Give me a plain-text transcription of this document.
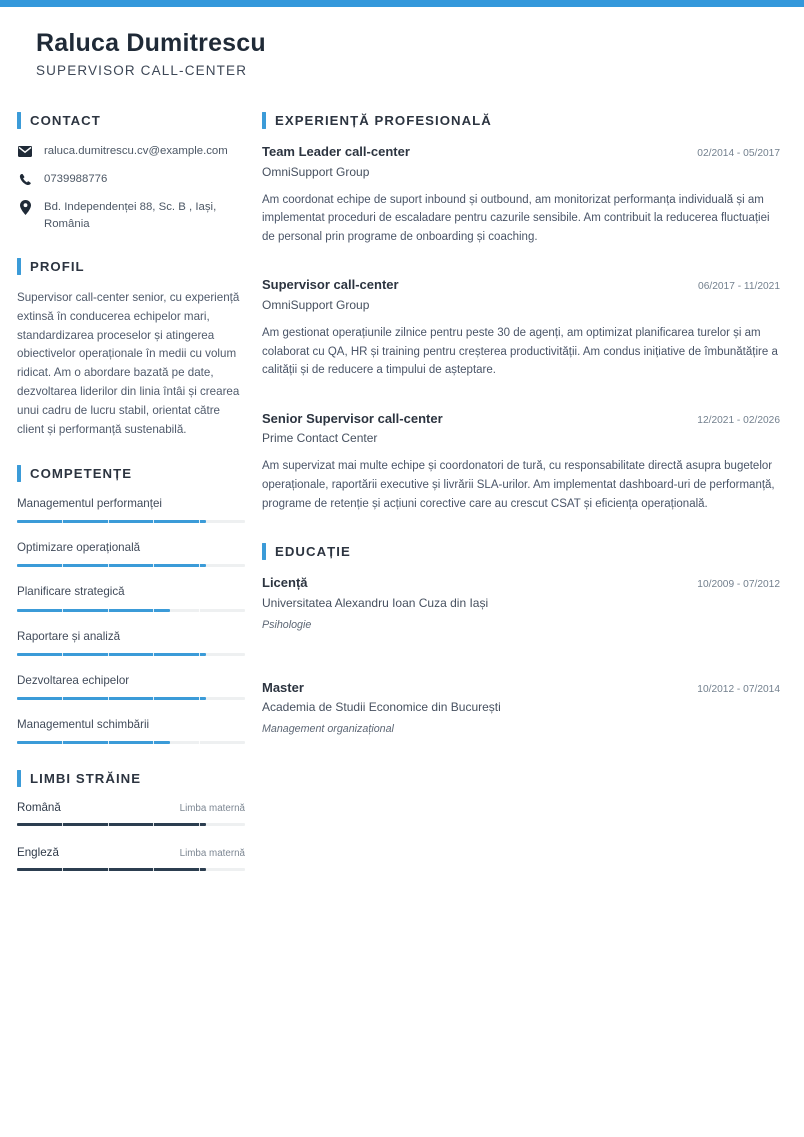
Raluca Dumitrescu
SUPERVISOR CALL-CENTER
CONTACT
raluca.dumitrescu.cv@example.com
0739988776
Bd. Independenței 88, Sc. B , Iași, România
PROFIL
Supervisor call-center senior, cu experiență extinsă în conducerea echipelor mari, standardizarea proceselor și atingerea obiectivelor operaționale în medii cu volum ridicat. Am o abordare bazată pe date, dezvoltarea liderilor din linia întâi și crearea unui cadru de lucru stabil, orientat către client și performanță sustenabilă.
COMPETENȚE
Managementul performanței
Optimizare operațională
Planificare strategică
Raportare și analiză
Dezvoltarea echipelor
Managementul schimbării
LIMBI STRĂINE
Română	Limba maternă
Engleză	Limba maternă
EXPERIENȚĂ PROFESIONALĂ
Team Leader call-center	02/2014 - 05/2017
OmniSupport Group
Am coordonat echipe de suport inbound și outbound, am monitorizat performanța individuală și am implementat proceduri de escaladare pentru cazurile sensibile. Am contribuit la reducerea fluctuației de personal prin programe de onboarding și coaching.
Supervisor call-center	06/2017 - 11/2021
OmniSupport Group
Am gestionat operațiunile zilnice pentru peste 30 de agenți, am optimizat planificarea turelor și am colaborat cu QA, HR și training pentru creșterea productivității. Am condus inițiative de îmbunătățire a calității și de reducere a timpului de așteptare.
Senior Supervisor call-center	12/2021 - 02/2026
Prime Contact Center
Am supervizat mai multe echipe și coordonatori de tură, cu responsabilitate directă asupra bugetelor operaționale, raportării executive și livrării SLA-urilor. Am implementat dashboard-uri de performanță, programe de retenție și acțiuni corective care au crescut CSAT și eficiența operațională.
EDUCAȚIE
Licență	10/2009 - 07/2012
Universitatea Alexandru Ioan Cuza din Iași
Psihologie
Master	10/2012 - 07/2014
Academia de Studii Economice din București
Management organizațional
